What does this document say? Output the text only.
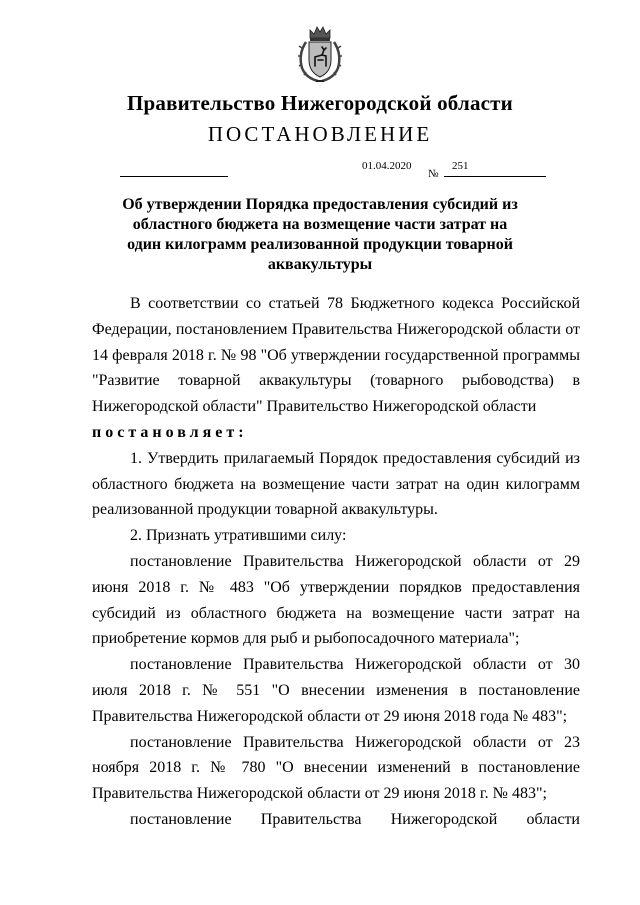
Правительство Нижегородской области
ПОСТАНОВЛЕНИЕ
01.04.2020
№
251
Об утверждении Порядка предоставления субсидий из областного бюджета на возмещение части затрат на один килограмм реализованной продукции товарной аквакультуры

В соответствии со статьей 78 Бюджетного кодекса Российской Федерации, постановлением Правительства Нижегородской области от 14 февраля 2018 г. № 98 "Об утверждении государственной программы "Развитие товарной аквакультуры (товарного рыбоводства) в Нижегородской области" Правительство Нижегородской области

постановляет:

1. Утвердить прилагаемый Порядок предоставления субсидий из областного бюджета на возмещение части затрат на один килограмм реализованной продукции товарной аквакультуры.

2. Признать утратившими силу:

постановление Правительства Нижегородской области от 29 июня 2018 г. № 483 "Об утверждении порядков предоставления субсидий из областного бюджета на возмещение части затрат на приобретение кормов для рыб и рыбопосадочного материала";

постановление Правительства Нижегородской области от 30 июля 2018 г. № 551 "О внесении изменения в постановление Правительства Нижегородской области от 29 июня 2018 года № 483";

постановление Правительства Нижегородской области от 23 ноября 2018 г. № 780 "О внесении изменений в постановление Правительства Нижегородской области от 29 июня 2018 г. № 483";

постановление Правительства Нижегородской области
